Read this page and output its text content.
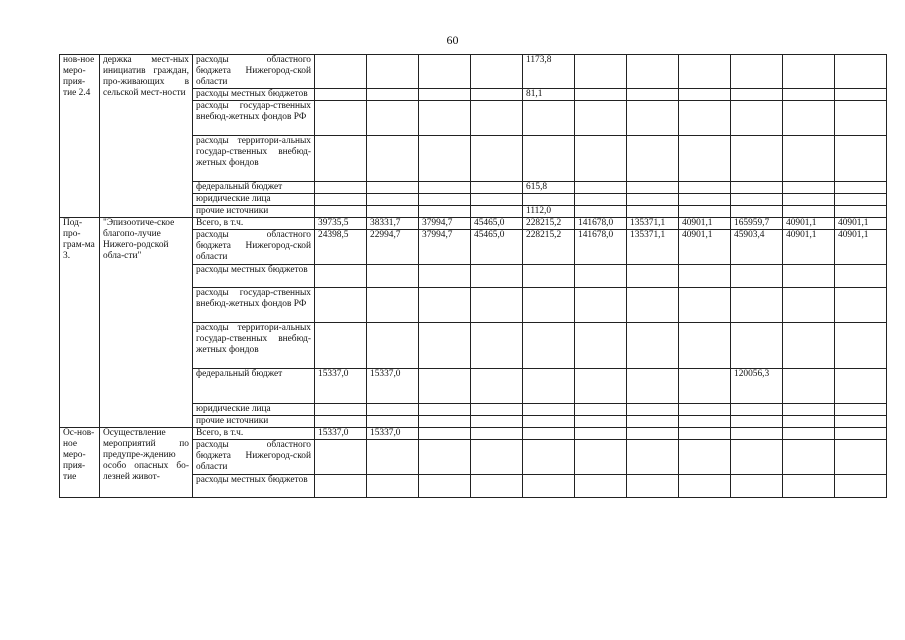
60
нов-ное меро-прия-тие 2.4	держка мест-ных инициатив граждан, про-живающих в сельской мест-ности	расходы областного бюджета Нижегород-ской области					1173,8						
		расходы местных бюджетов					81,1						
		расходы государ-ственных внебюд-жетных фондов РФ											
		расходы территори-альных государ-ственных внебюд-жетных фондов											
		федеральный бюджет					615,8						
		юридические лица											
		прочие источники					1112,0						
Под-про-грам-ма 3.	"Эпизоотиче-ское благопо-лучие Нижего-родской обла-сти"	Всего, в т.ч.	39735,5	38331,7	37994,7	45465,0	228215,2	141678,0	135371,1	40901,1	165959,7	40901,1	40901,1
		расходы областного бюджета Нижегород-ской области	24398,5	22994,7	37994,7	45465,0	228215,2	141678,0	135371,1	40901,1	45903,4	40901,1	40901,1
		расходы местных бюджетов											
		расходы государ-ственных внебюд-жетных фондов РФ											
		расходы территори-альных государ-ственных внебюд-жетных фондов											
		федеральный бюджет	15337,0	15337,0							120056,3		
		юридические лица											
		прочие источники											
Ос-нов-ное меро-прия-тие	Осуществление мероприятий по предупре-ждению особо опасных бо-лезней живот-	Всего, в т.ч.	15337,0	15337,0									
		расходы областного бюджета Нижегород-ской области											
		расходы местных бюджетов											
